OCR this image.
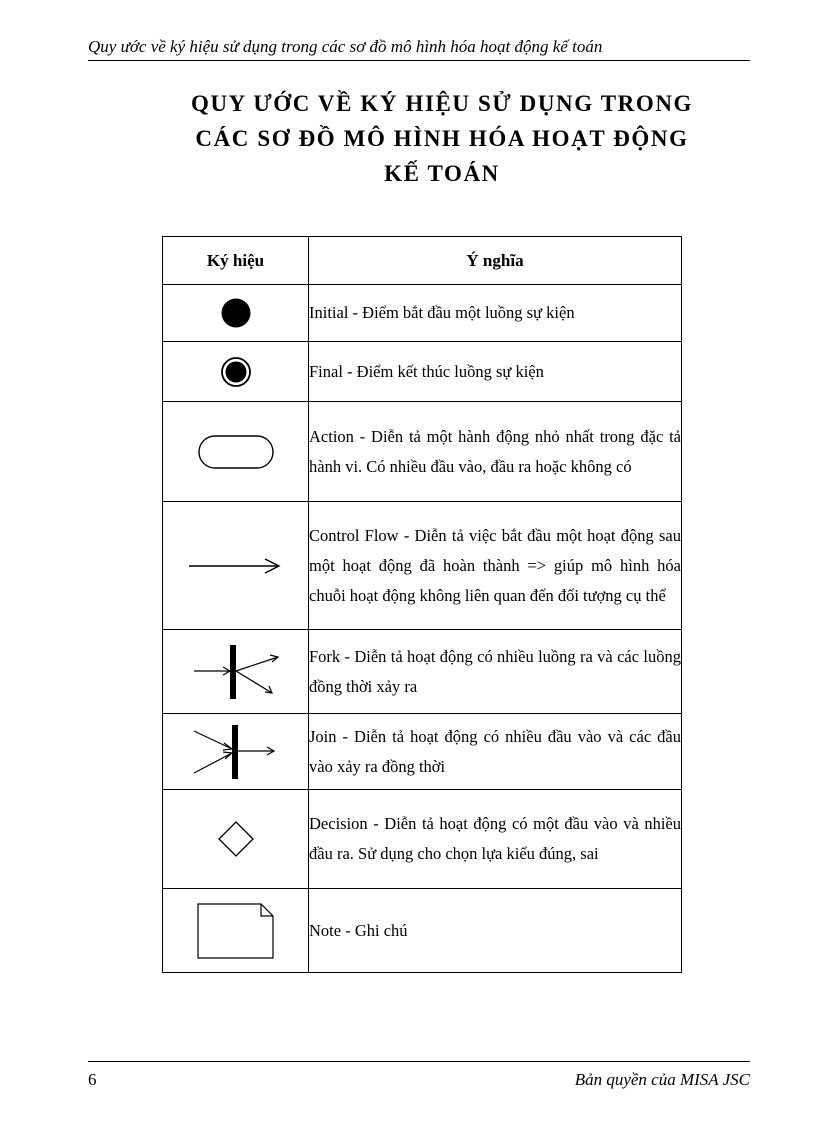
Quy ước về ký hiệu sử dụng trong các sơ đồ mô hình hóa hoạt động kế toán
QUY ƯỚC VỀ KÝ HIỆU SỬ DỤNG TRONG
CÁC SƠ ĐỒ MÔ HÌNH HÓA HOẠT ĐỘNG
KẾ TOÁN
Ký hiệu	Ý nghĩa

	Initial - Điểm bắt đầu một luồng sự kiện

	Final - Điểm kết thúc luồng sự kiện

	Action - Diễn tả một hành động nhỏ nhất trong đặc tả hành vi. Có nhiều đầu vào, đầu ra hoặc không có

	Control Flow - Diễn tả việc bắt đầu một hoạt động sau một hoạt động đã hoàn thành => giúp mô hình hóa chuỗi hoạt động không liên quan đến đối tượng cụ thể

	Fork - Diễn tả hoạt động có nhiều luồng ra và các luồng đồng thời xảy ra

	Join - Diễn tả hoạt động có nhiều đầu vào và các đầu vào xảy ra đồng thời

	Decision - Diễn tả hoạt động có một đầu vào và nhiều đầu ra. Sử dụng cho chọn lựa kiểu đúng, sai

	Note - Ghi chú
6	Bản quyền của MISA JSC
